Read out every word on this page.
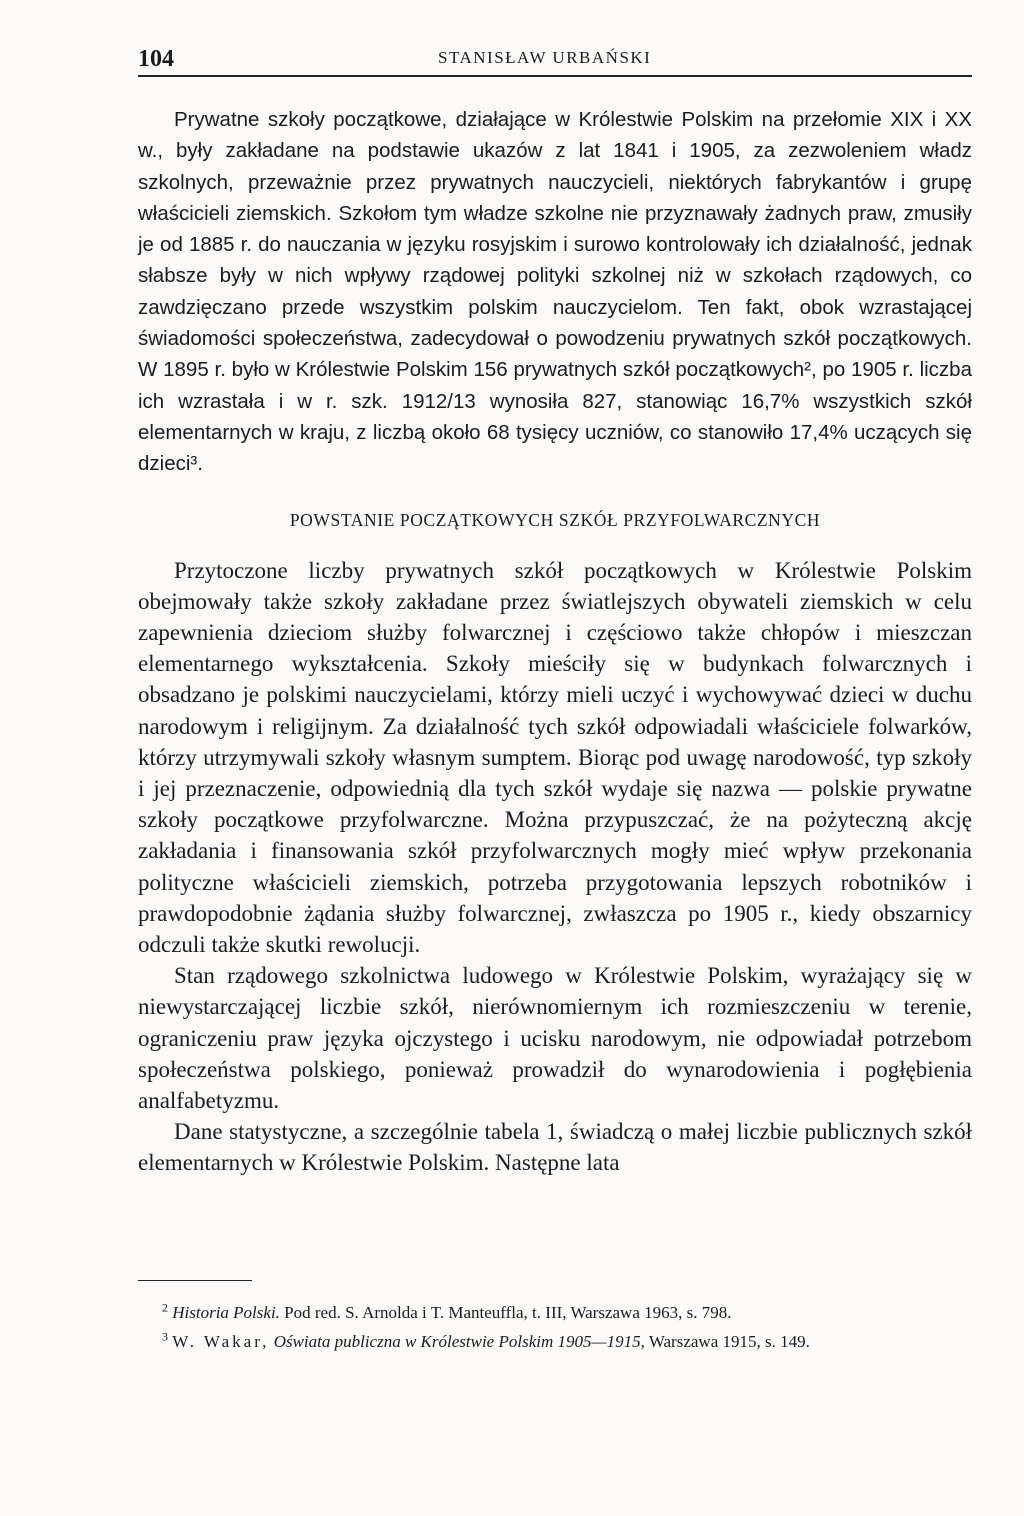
104	STANISŁAW URBAŃSKI

Prywatne szkoły początkowe, działające w Królestwie Polskim na przełomie XIX i XX w., były zakładane na podstawie ukazów z lat 1841 i 1905, za zezwoleniem władz szkolnych, przeważnie przez prywatnych nauczycieli, niektórych fabrykantów i grupę właścicieli ziemskich. Szkołom tym władze szkolne nie przyznawały żadnych praw, zmusiły je od 1885 r. do nauczania w języku rosyjskim i surowo kontrolowały ich działalność, jednak słabsze były w nich wpływy rządowej polityki szkolnej niż w szkołach rządowych, co zawdzięczano przede wszystkim polskim nauczycielom. Ten fakt, obok wzrastającej świadomości społeczeństwa, zadecydował o powodzeniu prywatnych szkół początkowych. W 1895 r. było w Królestwie Polskim 156 prywatnych szkół początkowych², po 1905 r. liczba ich wzrastała i w r. szk. 1912/13 wynosiła 827, stanowiąc 16,7% wszystkich szkół elementarnych w kraju, z liczbą około 68 tysięcy uczniów, co stanowiło 17,4% uczących się dzieci³.

POWSTANIE POCZĄTKOWYCH SZKÓŁ PRZYFOLWARCZNYCH

Przytoczone liczby prywatnych szkół początkowych w Królestwie Polskim obejmowały także szkoły zakładane przez światlejszych obywateli ziemskich w celu zapewnienia dzieciom służby folwarcznej i częściowo także chłopów i mieszczan elementarnego wykształcenia. Szkoły mieściły się w budynkach folwarcznych i obsadzano je polskimi nauczycielami, którzy mieli uczyć i wychowywać dzieci w duchu narodowym i religijnym. Za działalność tych szkół odpowiadali właściciele folwarków, którzy utrzymywali szkoły własnym sumptem. Biorąc pod uwagę narodowość, typ szkoły i jej przeznaczenie, odpowiednią dla tych szkół wydaje się nazwa — polskie prywatne szkoły początkowe przyfolwarczne. Można przypuszczać, że na pożyteczną akcję zakładania i finansowania szkół przyfolwarcznych mogły mieć wpływ przekonania polityczne właścicieli ziemskich, potrzeba przygotowania lepszych robotników i prawdopodobnie żądania służby folwarcznej, zwłaszcza po 1905 r., kiedy obszarnicy odczuli także skutki rewolucji.

Stan rządowego szkolnictwa ludowego w Królestwie Polskim, wyrażający się w niewystarczającej liczbie szkół, nierównomiernym ich rozmieszczeniu w terenie, ograniczeniu praw języka ojczystego i ucisku narodowym, nie odpowiadał potrzebom społeczeństwa polskiego, ponieważ prowadził do wynarodowienia i pogłębienia analfabetyzmu.

Dane statystyczne, a szczególnie tabela 1, świadczą o małej liczbie publicznych szkół elementarnych w Królestwie Polskim. Następne lata

$^2$ Historia Polski. Pod red. S. Arnolda i T. Manteuffla, t. III, Warszawa 1963, s. 798.

$^3$ W. Wakar, Oświata publiczna w Królestwie Polskim 1905—1915, Warszawa 1915, s. 149.
